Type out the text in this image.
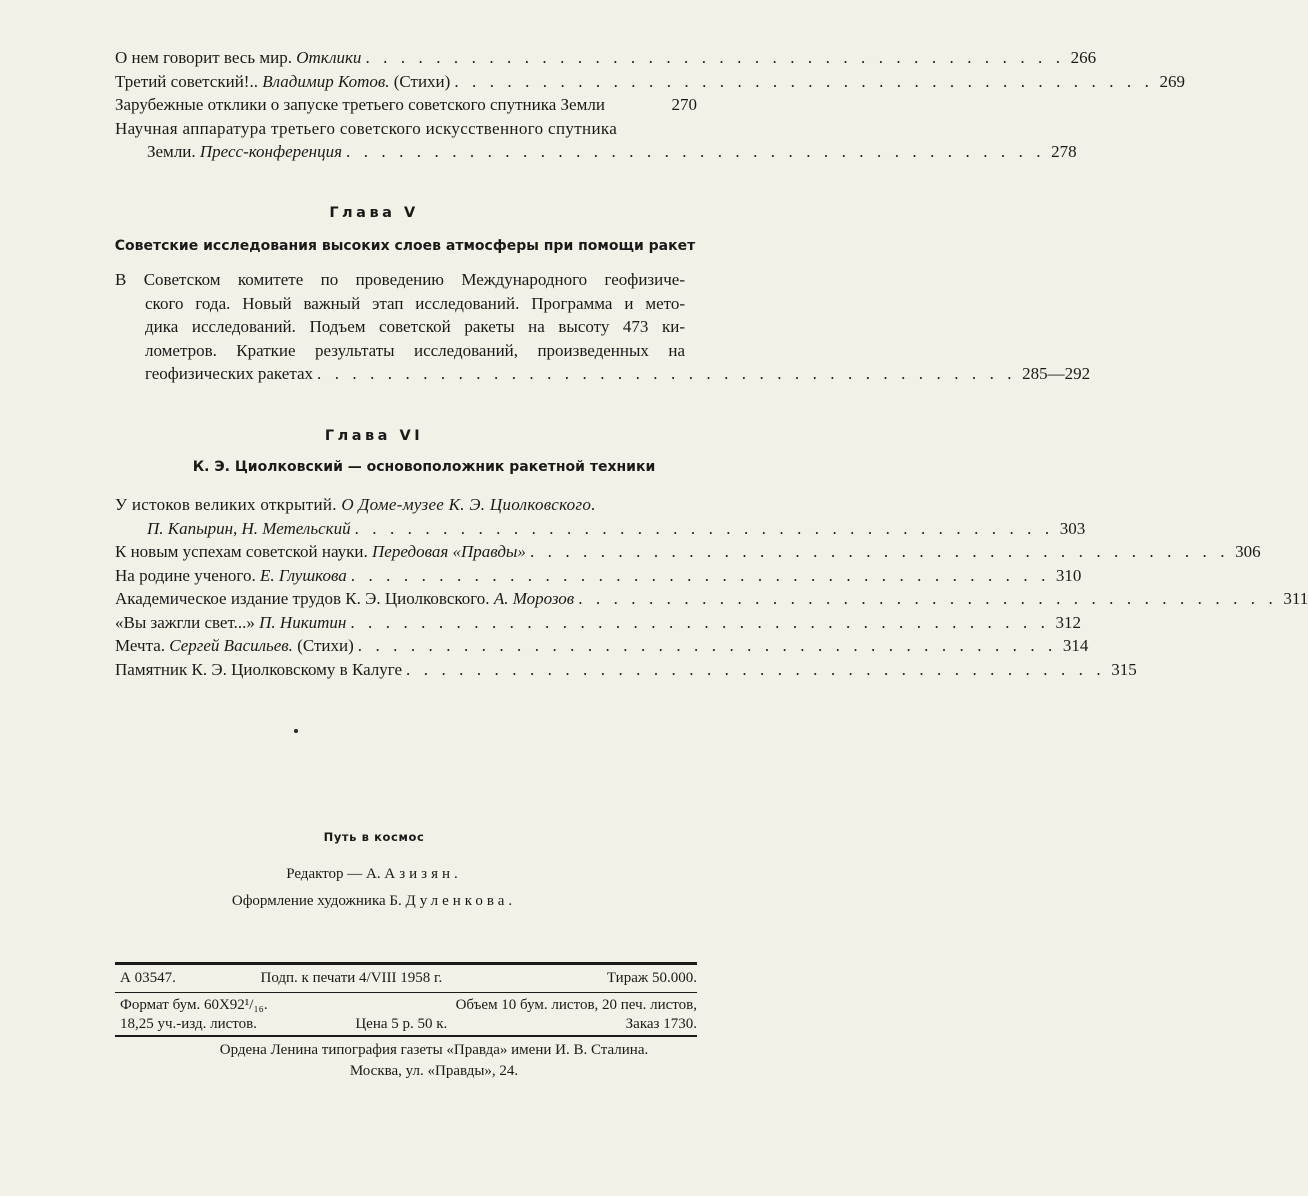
О нем говорит весь мир. Отклики . . . . . . . . . . . . . . . . . . . . . . . . . . . . . . . . . . . . . . . . 266
Третий советский!.. Владимир Котов. (Стихи) . . . . . . . . . . . . . . . . . . . . . . . . . . . . . . . . . . . . . . . . 269
Зарубежные отклики о запуске третьего советского спутника Земли	270
Научная аппаратура третьего советского искусственного спутника
Земли. Пресс-конференция . . . . . . . . . . . . . . . . . . . . . . . . . . . . . . . . . . . . . . . . 278
Глава V
Советские исследования высоких слоев атмосферы при помощи ракет
В Советском комитете по проведению Международного геофизиче-
ского года. Новый важный этап исследований. Программа и мето-
дика исследований. Подъем советской ракеты на высоту 473 ки-
лометров. Краткие результаты исследований, произведенных на
геофизических ракетах . . . . . . . . . . . . . . . . . . . . . . . . . . . . . . . . . . . . . . . . 285—292
Глава VI
К. Э. Циолковский — основоположник ракетной техники
У истоков великих открытий. О Доме-музее К. Э. Циолковского.
П. Капырин, Н. Метельский . . . . . . . . . . . . . . . . . . . . . . . . . . . . . . . . . . . . . . . . 303
К новым успехам советской науки. Передовая «Правды» . . . . . . . . . . . . . . . . . . . . . . . . . . . . . . . . . . . . . . . . 306
На родине ученого. Е. Глушкова . . . . . . . . . . . . . . . . . . . . . . . . . . . . . . . . . . . . . . . . 310
Академическое издание трудов К. Э. Циолковского. А. Морозов . . . . . . . . . . . . . . . . . . . . . . . . . . . . . . . . . . . . . . . . 311
«Вы зажгли свет...» П. Никитин . . . . . . . . . . . . . . . . . . . . . . . . . . . . . . . . . . . . . . . . 312
Мечта. Сергей Васильев. (Стихи) . . . . . . . . . . . . . . . . . . . . . . . . . . . . . . . . . . . . . . . . 314
Памятник К. Э. Циолковскому в Калуге . . . . . . . . . . . . . . . . . . . . . . . . . . . . . . . . . . . . . . . . 315
Путь в космос
Редактор — А. Азизян.
Оформление художника Б. Дуленкова.
А 03547.	Подп. к печати 4/VIII 1958 г.	Тираж 50.000.
Формат бум. 60Х92¹/₁₆.	Объем 10 бум. листов, 20 печ. листов,
18,25 уч.-изд. листов.	Цена 5 р. 50 к.	Заказ 1730.
Ордена Ленина типография газеты «Правда» имени И. В. Сталина.
Москва, ул. «Правды», 24.
